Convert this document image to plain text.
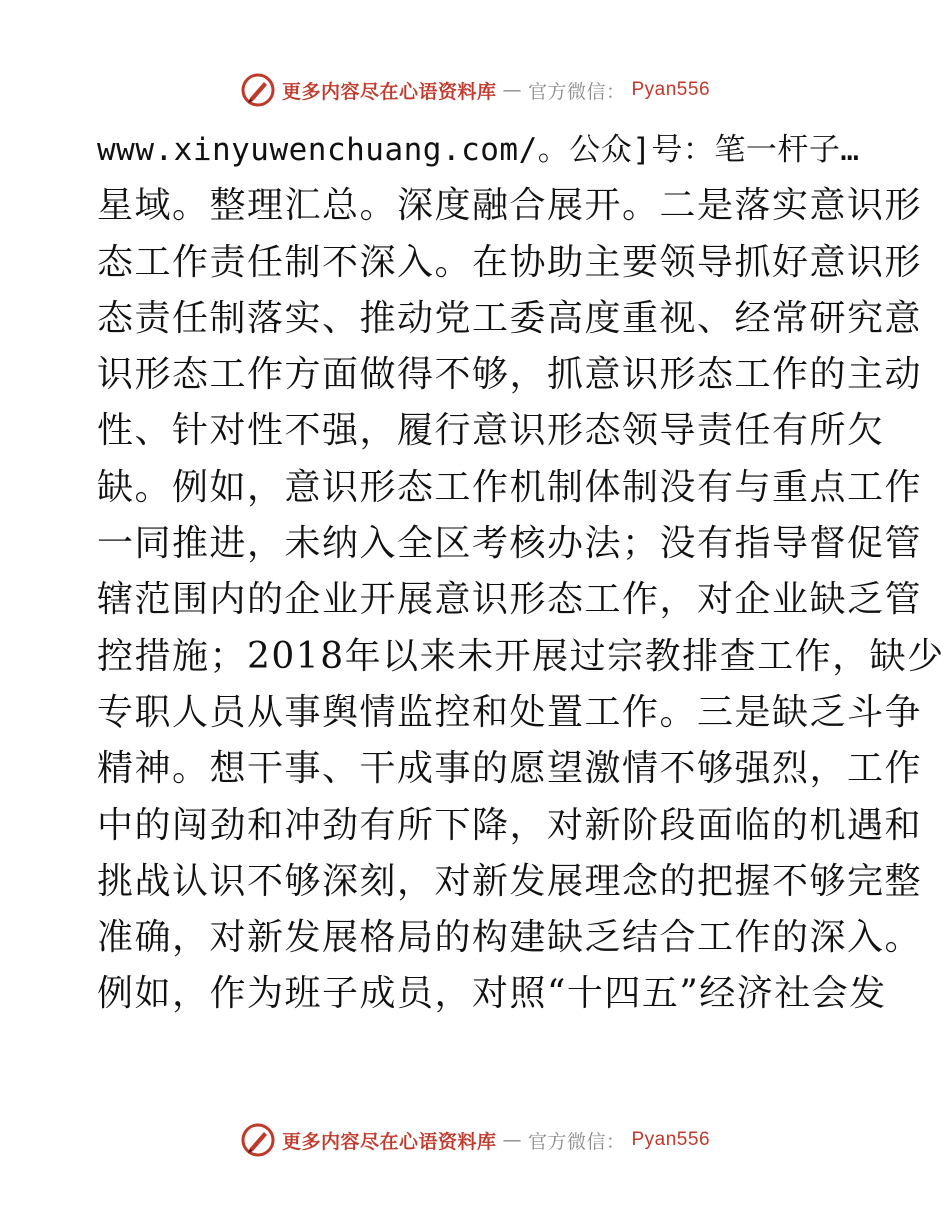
更多内容尽在心语资料库 — 官方微信： Pyan556
www.xinyuwenchuang.com/。公众]号：笔一杆子…
星域。整理汇总。深度融合展开。二是落实意识形
态工作责任制不深入。在协助主要领导抓好意识形
态责任制落实、推动党工委高度重视、经常研究意
识形态工作方面做得不够，抓意识形态工作的主动
性、针对性不强，履行意识形态领导责任有所欠
缺。例如，意识形态工作机制体制没有与重点工作
一同推进，未纳入全区考核办法；没有指导督促管
辖范围内的企业开展意识形态工作，对企业缺乏管
控措施；2018年以来未开展过宗教排查工作，缺少
专职人员从事舆情监控和处置工作。三是缺乏斗争
精神。想干事、干成事的愿望激情不够强烈，工作
中的闯劲和冲劲有所下降，对新阶段面临的机遇和
挑战认识不够深刻，对新发展理念的把握不够完整
准确，对新发展格局的构建缺乏结合工作的深入。
例如，作为班子成员，对照“十四五”经济社会发
更多内容尽在心语资料库 — 官方微信： Pyan556
